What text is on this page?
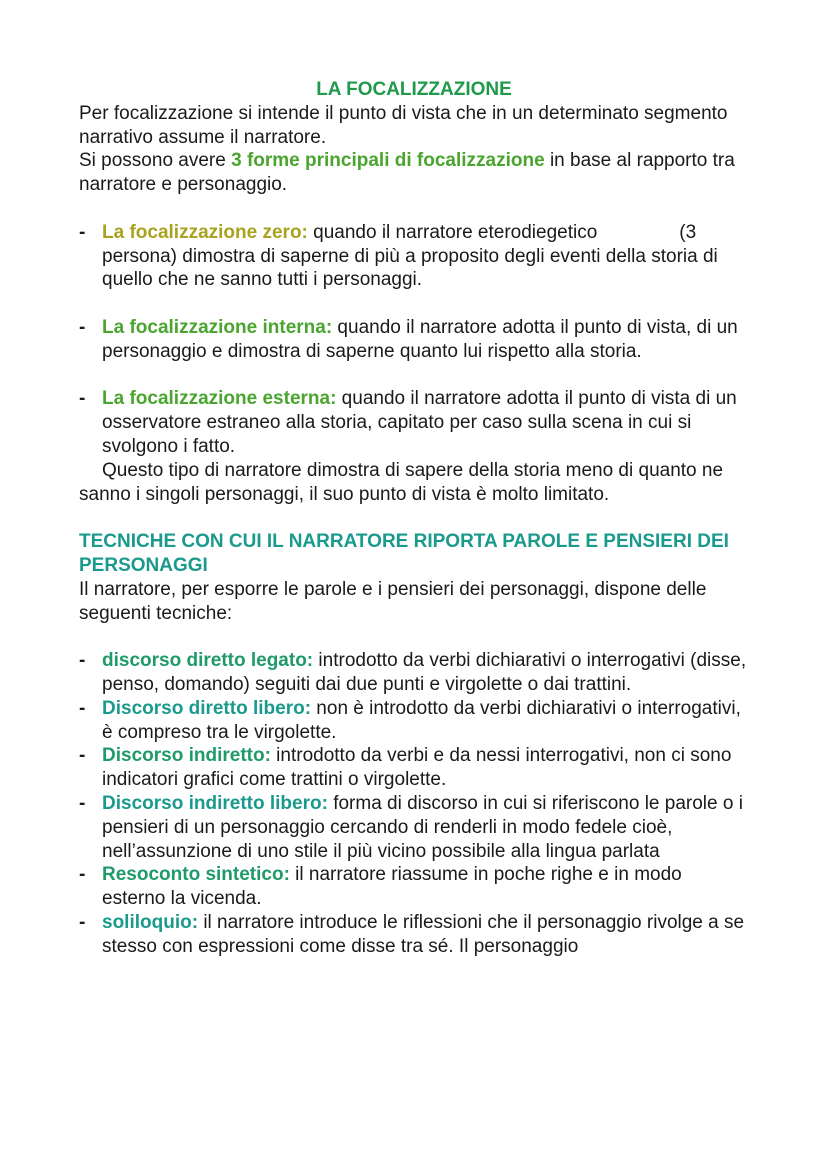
LA FOCALIZZAZIONE

Per focalizzazione si intende il punto di vista che in un determinato segmento narrativo assume il narratore.

Si possono avere 3 forme principali di focalizzazione in base al rapporto tra narratore e personaggio.

- La focalizzazione zero: quando il narratore eterodiegetico	(3 persona) dimostra di saperne di più a proposito degli eventi della storia di quello che ne sanno tutti i personaggi.
- La focalizzazione interna: quando il narratore adotta il punto di vista, di un personaggio e dimostra di saperne quanto lui rispetto alla storia.
- La focalizzazione esterna: quando il narratore adotta il punto di vista di un osservatore estraneo alla storia, capitato per caso sulla scena in cui si svolgono i fatto.

Questo tipo di narratore dimostra di sapere della storia meno di quanto ne sanno i singoli personaggi, il suo punto di vista è molto limitato.

TECNICHE CON CUI IL NARRATORE RIPORTA PAROLE E PENSIERI DEI PERSONAGGI

Il narratore, per esporre le parole e i pensieri dei personaggi, dispone delle seguenti tecniche:

- discorso diretto legato: introdotto da verbi dichiarativi o interrogativi (disse, penso, domando) seguiti dai due punti e virgolette o dai trattini.
- Discorso diretto libero: non è introdotto da verbi dichiarativi o interrogativi, è compreso tra le virgolette.
- Discorso indiretto: introdotto da verbi e da nessi interrogativi, non ci sono indicatori grafici come trattini o virgolette.
- Discorso indiretto libero: forma di discorso in cui si riferiscono le parole o i pensieri di un personaggio cercando di renderli in modo fedele cioè, nell’assunzione di uno stile il più vicino possibile alla lingua parlata
- Resoconto sintetico: il narratore riassume in poche righe e in modo esterno la vicenda.
- soliloquio: il narratore introduce le riflessioni che il personaggio rivolge a se stesso con espressioni come disse tra sé. Il personaggio
